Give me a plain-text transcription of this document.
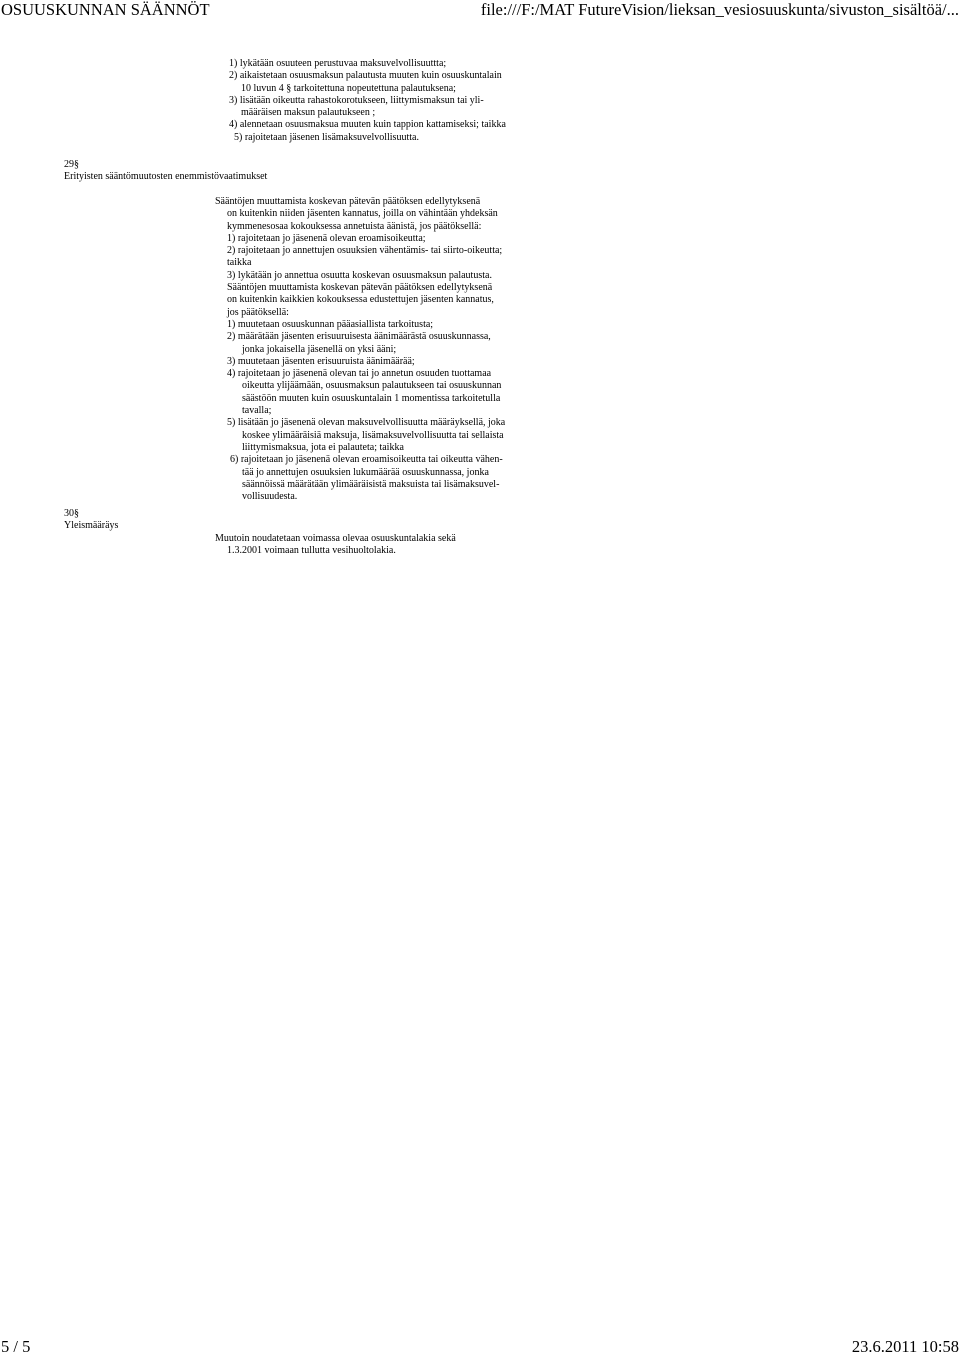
OSUUSKUNNAN SÄÄNNÖT	file:///F:/MAT FutureVision/lieksan_vesiosuuskunta/sivuston_sisältöä/...
1) lykätään osuuteen perustuvaa maksuvelvollisuuttta;
2) aikaistetaan osuusmaksun palautusta muuten kuin osuuskuntalain
10 luvun 4 § tarkoitettuna nopeutettuna palautuksena;
3) lisätään oikeutta rahastokorotukseen, liittymismaksun tai yli-
määräisen maksun palautukseen ;
4) alennetaan osuusmaksua muuten kuin tappion kattamiseksi; taikka
5) rajoitetaan jäsenen lisämaksuvelvollisuutta.
29§
Erityisten sääntömuutosten enemmistövaatimukset
Sääntöjen muuttamista koskevan pätevän päätöksen edellytyksenä
on kuitenkin niiden jäsenten kannatus, joilla on vähintään yhdeksän
kymmenesosaa kokouksessa annetuista äänistä, jos päätöksellä:
1) rajoitetaan jo jäsenenä olevan eroamisoikeutta;
2) rajoitetaan jo annettujen osuuksien vähentämis- tai siirto-oikeutta;
taikka
3) lykätään jo annettua osuutta koskevan osuusmaksun palautusta.
Sääntöjen muuttamista koskevan pätevän päätöksen edellytyksenä
on kuitenkin kaikkien kokouksessa edustettujen jäsenten kannatus,
jos päätöksellä:
1) muutetaan osuuskunnan pääasiallista tarkoitusta;
2) määrätään jäsenten erisuuruisesta äänimäärästä osuuskunnassa,
jonka jokaisella jäsenellä on yksi ääni;
3) muutetaan jäsenten erisuuruista äänimäärää;
4) rajoitetaan jo jäsenenä olevan tai jo annetun osuuden tuottamaa
oikeutta ylijäämään, osuusmaksun palautukseen tai osuuskunnan
säästöön muuten kuin osuuskuntalain 1 momentissa tarkoitetulla
tavalla;
5) lisätään jo jäsenenä olevan maksuvelvollisuutta määräyksellä, joka
koskee ylimääräisiä maksuja, lisämaksuvelvollisuutta tai sellaista
liittymismaksua, jota ei palauteta; taikka
6) rajoitetaan jo jäsenenä olevan eroamisoikeutta tai oikeutta vähen-
tää jo annettujen osuuksien lukumäärää osuuskunnassa, jonka
säännöissä määrätään ylimääräisistä maksuista tai lisämaksuvel-
vollisuudesta.
30§
Yleismääräys
Muutoin noudatetaan voimassa olevaa osuuskuntalakia sekä
1.3.2001 voimaan tullutta vesihuoltolakia.
5 / 5	23.6.2011 10:58
